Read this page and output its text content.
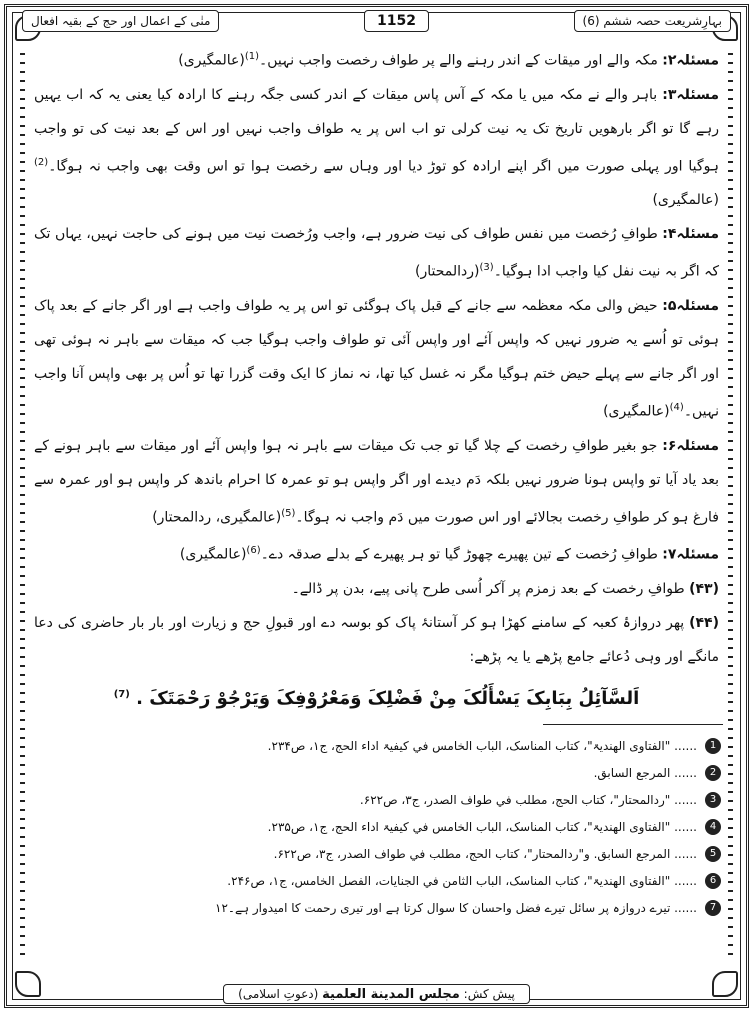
بہارِشریعت حصہ ششم (6)
1152
منٰی کے اعمال اور حج کے بقیہ افعال

مسئلہ۲: مکہ والے اور میقات کے اندر رہنے والے پر طواف رخصت واجب نہیں۔$^{(1)}$(عالمگیری)

مسئلہ۳: باہر والے نے مکہ میں یا مکہ کے آس پاس میقات کے اندر کسی جگہ رہنے کا ارادہ کیا یعنی یہ کہ اب یہیں رہے گا تو اگر بارھویں تاریخ تک یہ نیت کرلی تو اب اس پر یہ طواف واجب نہیں اور اس کے بعد نیت کی تو واجب ہوگیا اور پہلی صورت میں اگر اپنے ارادہ کو توڑ دیا اور وہاں سے رخصت ہوا تو اس وقت بھی واجب نہ ہوگا۔$^{(2)}$(عالمگیری)

مسئلہ۴: طوافِ رُخصت میں نفس طواف کی نیت ضرور ہے، واجب ورُخصت نیت میں ہونے کی حاجت نہیں، یہاں تک کہ اگر بہ نیت نفل کیا واجب ادا ہوگیا۔$^{(3)}$(ردالمحتار)

مسئلہ۵: حیض والی مکہ معظمہ سے جانے کے قبل پاک ہوگئی تو اس پر یہ طواف واجب ہے اور اگر جانے کے بعد پاک ہوئی تو اُسے یہ ضرور نہیں کہ واپس آئے اور واپس آئی تو طواف واجب ہوگیا جب کہ میقات سے باہر نہ ہوئی تھی اور اگر جانے سے پہلے حیض ختم ہوگیا مگر نہ غسل کیا تھا، نہ نماز کا ایک وقت گزرا تھا تو اُس پر بھی واپس آنا واجب نہیں۔$^{(4)}$(عالمگیری)

مسئلہ۶: جو بغیر طوافِ رخصت کے چلا گیا تو جب تک میقات سے باہر نہ ہوا واپس آئے اور میقات سے باہر ہونے کے بعد یاد آیا تو واپس ہونا ضرور نہیں بلکہ دَم دیدے اور اگر واپس ہو تو عمرہ کا احرام باندھ کر واپس ہو اور عمرہ سے فارغ ہو کر طوافِ رخصت بجالائے اور اس صورت میں دَم واجب نہ ہوگا۔$^{(5)}$(عالمگیری، ردالمحتار)

مسئلہ۷: طوافِ رُخصت کے تین پھیرے چھوڑ گیا تو ہر پھیرے کے بدلے صدقہ دے۔$^{(6)}$(عالمگیری)

(۴۳) طوافِ رخصت کے بعد زمزم پر آکر اُسی طرح پانی پیے، بدن پر ڈالے۔

(۴۴) پھر دروازۂ کعبہ کے سامنے کھڑا ہو کر آستانۂ پاک کو بوسہ دے اور قبولِ حج و زیارت اور بار بار حاضری کی دعا مانگے اور وہی دُعائے جامع پڑھے یا یہ پڑھے:

اَلسَّآئِلُ بِبَابِکَ یَسْأَلُکَ مِنْ فَضْلِکَ وَمَعْرُوْفِکَ وَیَرْجُوْ رَحْمَتَکَ . $^{(7)}$
1
...... "الفتاوی الھندیۃ"، کتاب المناسک، الباب الخامس في کیفیۃ اداء الحج، ج۱، ص۲۳۴.
2
...... المرجع السابق.
3
...... "ردالمحتار"، کتاب الحج، مطلب في طواف الصدر، ج۳، ص۶۲۲.
4
...... "الفتاوی الھندیۃ"، کتاب المناسک، الباب الخامس في کیفیۃ اداء الحج، ج۱، ص۲۳۵.
5
...... المرجع السابق. و"ردالمحتار"، کتاب الحج، مطلب في طواف الصدر، ج۳، ص۶۲۲.
6
...... "الفتاوی الھندیۃ"، کتاب المناسک، الباب الثامن في الجنایات، الفصل الخامس، ج۱، ص۲۴۶.
7
...... تیرے دروازہ پر سائل تیرے فضل واحسان کا سوال کرتا ہے اور تیری رحمت کا امیدوار ہے۔۱۲
پیش کش: مجلس المدينة العلمية (دعوتِ اسلامی)
